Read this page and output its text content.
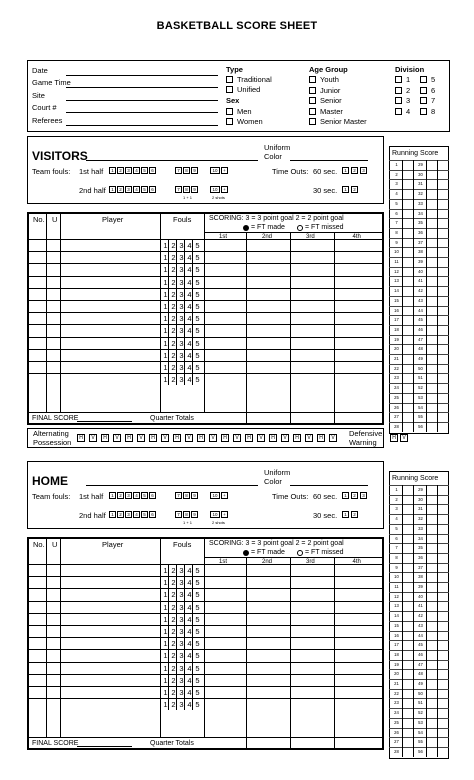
BASKETBALL SCORE SHEET
Alternating
Possession
Defensive
Warning
Date
Game Time
Site
Court #
Referees
Type
Traditional
Unified
Sex
Men
Women
Age Group
Youth
Junior
Senior
Master
Senior Master
Division
1
2
3
4
5
6
7
8
VISITORS
Uniform
Color
Team fouls: 1st half	1	2	3	4	5	6	7	8	9	10	+
2nd half	1	2	3	4	5	6	7	8	9	10	+
1 + 1	2 shots
Time Outs: 60 sec.	1	2	3
30 sec.	1	2
No. U	Player	Fouls	SCORING: 3 = 3 point goal 2 = 2 point goal
= FT made	= FT missed
1st	2nd	3rd	4th
1 2 3 4 5
1 2 3 4 5
1 2 3 4 5
1 2 3 4 5
1 2 3 4 5
1 2 3 4 5
1 2 3 4 5
1 2 3 4 5
1 2 3 4 5
1 2 3 4 5
1 2 3 4 5
1 2 3 4 5
FINAL SCORE	Quarter Totals
Running Score
1	29
2	30
3	31
4	32
5	33
6	34
7	35
8	36
9	37
10	38
11	39
12	40
13	41
14	42
15	43
16	44
17	45
18	46
19	47
20	48
21	49
22	50
23	51
24	52
25	53
26	54
27	55
28	56
HOME
Uniform
Color
Team fouls: 1st half	1	2	3	4	5	6	7	8	9	10	+
2nd half	1	2	3	4	5	6	7	8	9	10	+
1 + 1	2 shots
Time Outs: 60 sec.	1	2	3
30 sec.	1	2
No. U	Player	Fouls	SCORING: 3 = 3 point goal 2 = 2 point goal
= FT made	= FT missed
1st	2nd	3rd	4th
1 2 3 4 5
1 2 3 4 5
1 2 3 4 5
1 2 3 4 5
1 2 3 4 5
1 2 3 4 5
1 2 3 4 5
1 2 3 4 5
1 2 3 4 5
1 2 3 4 5
1 2 3 4 5
1 2 3 4 5
FINAL SCORE	Quarter Totals
Running Score
1	29
2	30
3	31
4	32
5	33
6	34
7	35
8	36
9	37
10	38
11	39
12	40
13	41
14	42
15	43
16	44
17	45
18	46
19	47
20	48
21	49
22	50
23	51
24	52
25	53
26	54
27	55
28	56
H	V	H	V	H	V	H	V	H	V	H	V	H	V	H	V	H	V	H	V	H	V	H	V
